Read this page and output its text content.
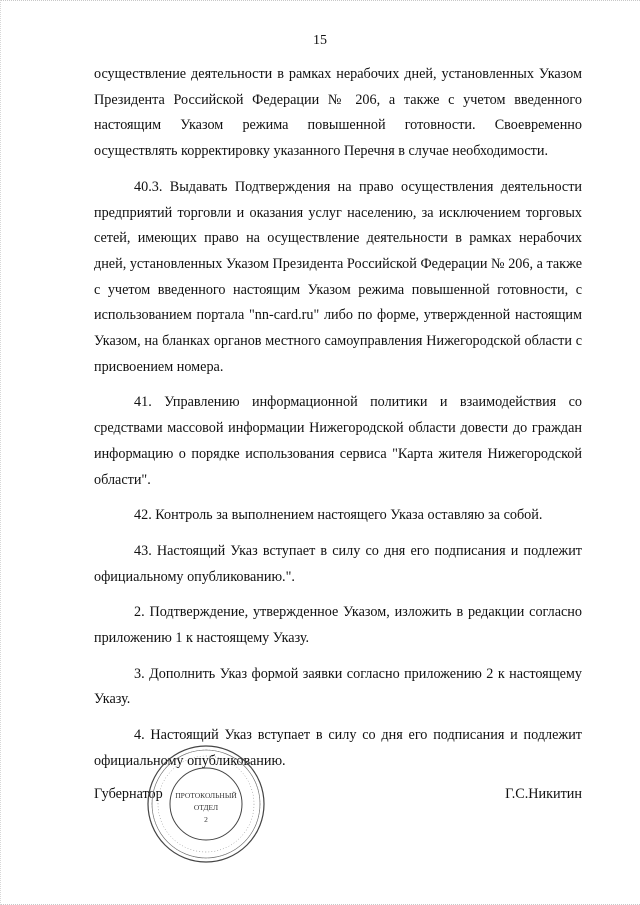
15

осуществление деятельности в рамках нерабочих дней, установленных Указом Президента Российской Федерации № 206, а также с учетом введенного настоящим Указом режима повышенной готовности. Своевременно осуществлять корректировку указанного Перечня в случае необходимости.

40.3. Выдавать Подтверждения на право осуществления деятельности предприятий торговли и оказания услуг населению, за исключением торговых сетей, имеющих право на осуществление деятельности в рамках нерабочих дней, установленных Указом Президента Российской Федерации № 206, а также с учетом введенного настоящим Указом режима повышенной готовности, с использованием портала "nn-card.ru" либо по форме, утвержденной настоящим Указом, на бланках органов местного самоуправления Нижегородской области с присвоением номера.

41. Управлению информационной политики и взаимодействия со средствами массовой информации Нижегородской области довести до граждан информацию о порядке использования сервиса "Карта жителя Нижегородской области".

42. Контроль за выполнением настоящего Указа оставляю за собой.

43. Настоящий Указ вступает в силу со дня его подписания и подлежит официальному опубликованию.".

2. Подтверждение, утвержденное Указом, изложить в редакции согласно приложению 1 к настоящему Указу.

3. Дополнить Указ формой заявки согласно приложению 2 к настоящему Указу.

4. Настоящий Указ вступает в силу со дня его подписания и подлежит официальному опубликованию.

Губернатор	Г.С.Никитин
ПРОТОКОЛЬНЫЙ
ОТДЕЛ
2
